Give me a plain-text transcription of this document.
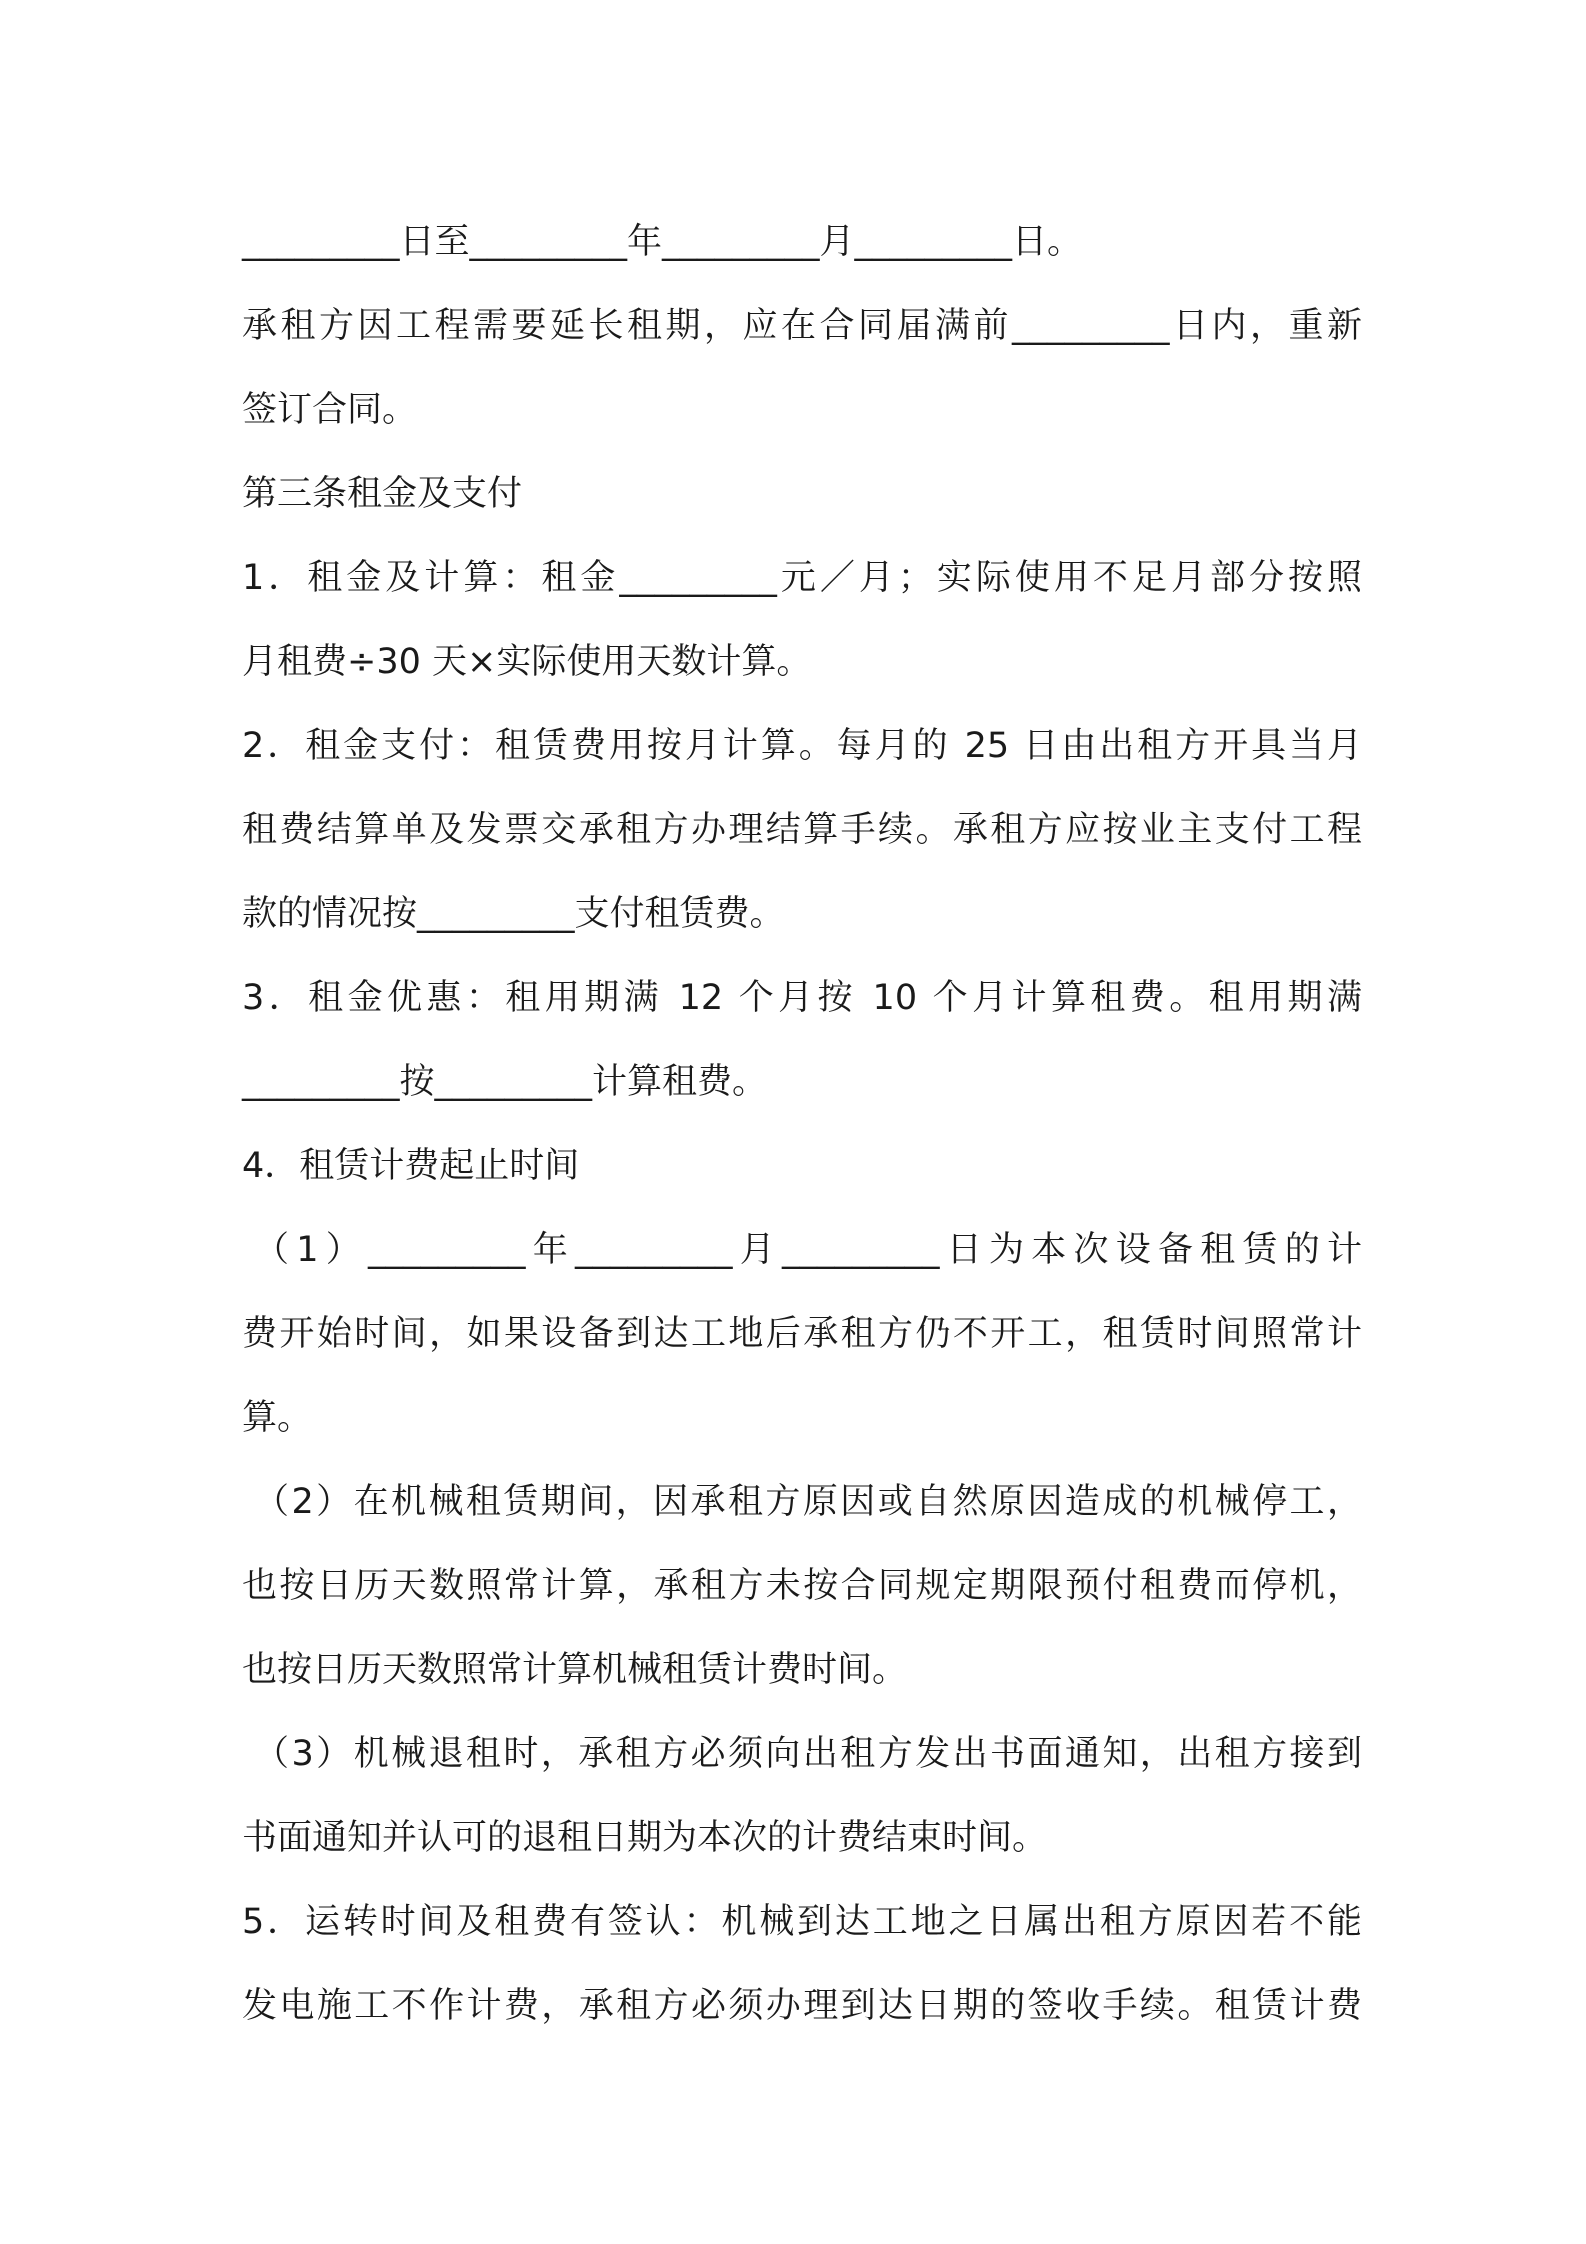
_________日至_________年_________月_________日。
承租方因工程需要延长租期，应在合同届满前_________日内，重新
签订合同。
第三条租金及支付
1．租金及计算：租金_________元／月；实际使用不足月部分按照
月租费÷30 天×实际使用天数计算。
2．租金支付：租赁费用按月计算。每月的 25 日由出租方开具当月
租费结算单及发票交承租方办理结算手续。承租方应按业主支付工程
款的情况按_________支付租赁费。
3．租金优惠：租用期满 12 个月按 10 个月计算租费。租用期满
_________按_________计算租费。
4．租赁计费起止时间
（1）_________年_________月_________日为本次设备租赁的计
费开始时间，如果设备到达工地后承租方仍不开工，租赁时间照常计
算。
（2）在机械租赁期间，因承租方原因或自然原因造成的机械停工，
也按日历天数照常计算，承租方未按合同规定期限预付租费而停机，
也按日历天数照常计算机械租赁计费时间。
（3）机械退租时，承租方必须向出租方发出书面通知，出租方接到
书面通知并认可的退租日期为本次的计费结束时间。
5．运转时间及租费有签认：机械到达工地之日属出租方原因若不能
发电施工不作计费，承租方必须办理到达日期的签收手续。租赁计费
